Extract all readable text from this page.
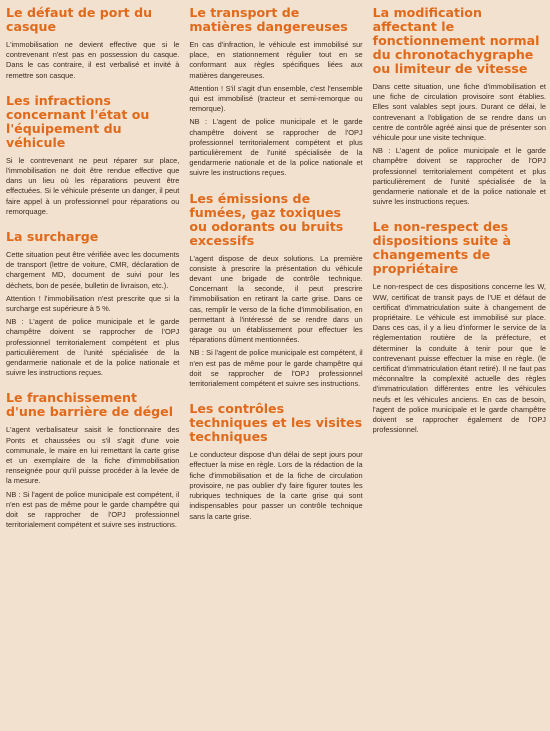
Le défaut de port du casque

L'immobilisation ne devient effective que si le contrevenant n'est pas en possession du casque. Dans le cas contraire, il est verbalisé et invité à remettre son casque.

Les infractions concernant l'état ou l'équipement du véhicule

Si le contrevenant ne peut réparer sur place, l'immobilisation ne doit être rendue effective que dans un lieu où les réparations peuvent être effectuées. Si le véhicule présente un danger, il peut faire appel à un professionnel pour réparations ou remorquage.

La surcharge

Cette situation peut être vérifiée avec les documents de transport (lettre de voiture, CMR, déclaration de chargement MD, document de suivi pour les déchets, bon de pesée, bulletin de livraison, etc.).

Attention ! l'immobilisation n'est prescrite que si la surcharge est supérieure à 5 %.

NB : L'agent de police municipale et le garde champêtre doivent se rapprocher de l'OPJ professionnel territorialement compétent et plus particulièrement de l'unité spécialisée de la gendarmerie nationale et de la police nationale et suivre les instructions reçues.

Le franchissement d'une barrière de dégel

L'agent verbalisateur saisit le fonctionnaire des Ponts et chaussées ou s'il s'agit d'une voie communale, le maire en lui remettant la carte grise et un exemplaire de la fiche d'immobilisation renseignée pour qu'il puisse procéder à la levée de la mesure.

NB : Si l'agent de police municipale est compétent, il n'en est pas de même pour le garde champêtre qui doit se rapprocher de l'OPJ professionnel territorialement compétent et suivre ses instructions.

Le transport de matières dangereuses

En cas d'infraction, le véhicule est immobilisé sur place, en stationnement régulier tout en se conformant aux règles spécifiques liées aux matières dangereuses.

Attention ! S'il s'agit d'un ensemble, c'est l'ensemble qui est immobilisé (tracteur et semi-remorque ou remorque).

NB : L'agent de police municipale et le garde champêtre doivent se rapprocher de l'OPJ professionnel territorialement compétent et plus particulièrement de l'unité spécialisée de la gendarmerie nationale et de la police nationale et suivre les instructions reçues.

Les émissions de fumées, gaz toxiques ou odorants ou bruits excessifs

L'agent dispose de deux solutions. La première consiste à prescrire la présentation du véhicule devant une brigade de contrôle technique. Concernant la seconde, il peut prescrire l'immobilisation en retirant la carte grise. Dans ce cas, remplir le verso de la fiche d'immobilisation, en permettant à l'intéressé de se rendre dans un garage ou un établissement pour effectuer les réparations dûment mentionnées.

NB : Si l'agent de police municipale est compétent, il n'en est pas de même pour le garde champêtre qui doit se rapprocher de l'OPJ professionnel territorialement compétent et suivre ses instructions.

Les contrôles techniques et les visites techniques

Le conducteur dispose d'un délai de sept jours pour effectuer la mise en règle. Lors de la rédaction de la fiche d'immobilisation et de la fiche de circulation provisoire, ne pas oublier d'y faire figurer toutes les rubriques techniques de la carte grise qui sont indispensables pour passer un contrôle technique sans la carte grise.

La modification affectant le fonctionnement normal du chronotachygraphe ou limiteur de vitesse

Dans cette situation, une fiche d'immobilisation et une fiche de circulation provisoire sont établies. Elles sont valables sept jours. Durant ce délai, le contrevenant a l'obligation de se rendre dans un centre de contrôle agréé ainsi que de présenter son véhicule pour une visite technique.

NB : L'agent de police municipale et le garde champêtre doivent se rapprocher de l'OPJ professionnel territorialement compétent et plus particulièrement de l'unité spécialisée de la gendarmerie nationale et de la police nationale et suivre les instructions reçues.

Le non-respect des dispositions suite à changements de propriétaire

Le non-respect de ces dispositions concerne les W, WW, certificat de transit pays de l'UE et défaut de certificat d'immatriculation suite à changement de propriétaire. Le véhicule est immobilisé sur place. Dans ces cas, il y a lieu d'informer le service de la réglementation routière de la préfecture, et déterminer la conduite à tenir pour que le contrevenant puisse effectuer la mise en règle. (le certificat d'immatriculation étant retiré). Il ne faut pas méconnaître la complexité actuelle des règles d'immatriculation différentes entre les véhicules neufs et les véhicules anciens. En cas de besoin, l'agent de police municipale et le garde champêtre doivent se rapprocher également de l'OPJ professionnel.
